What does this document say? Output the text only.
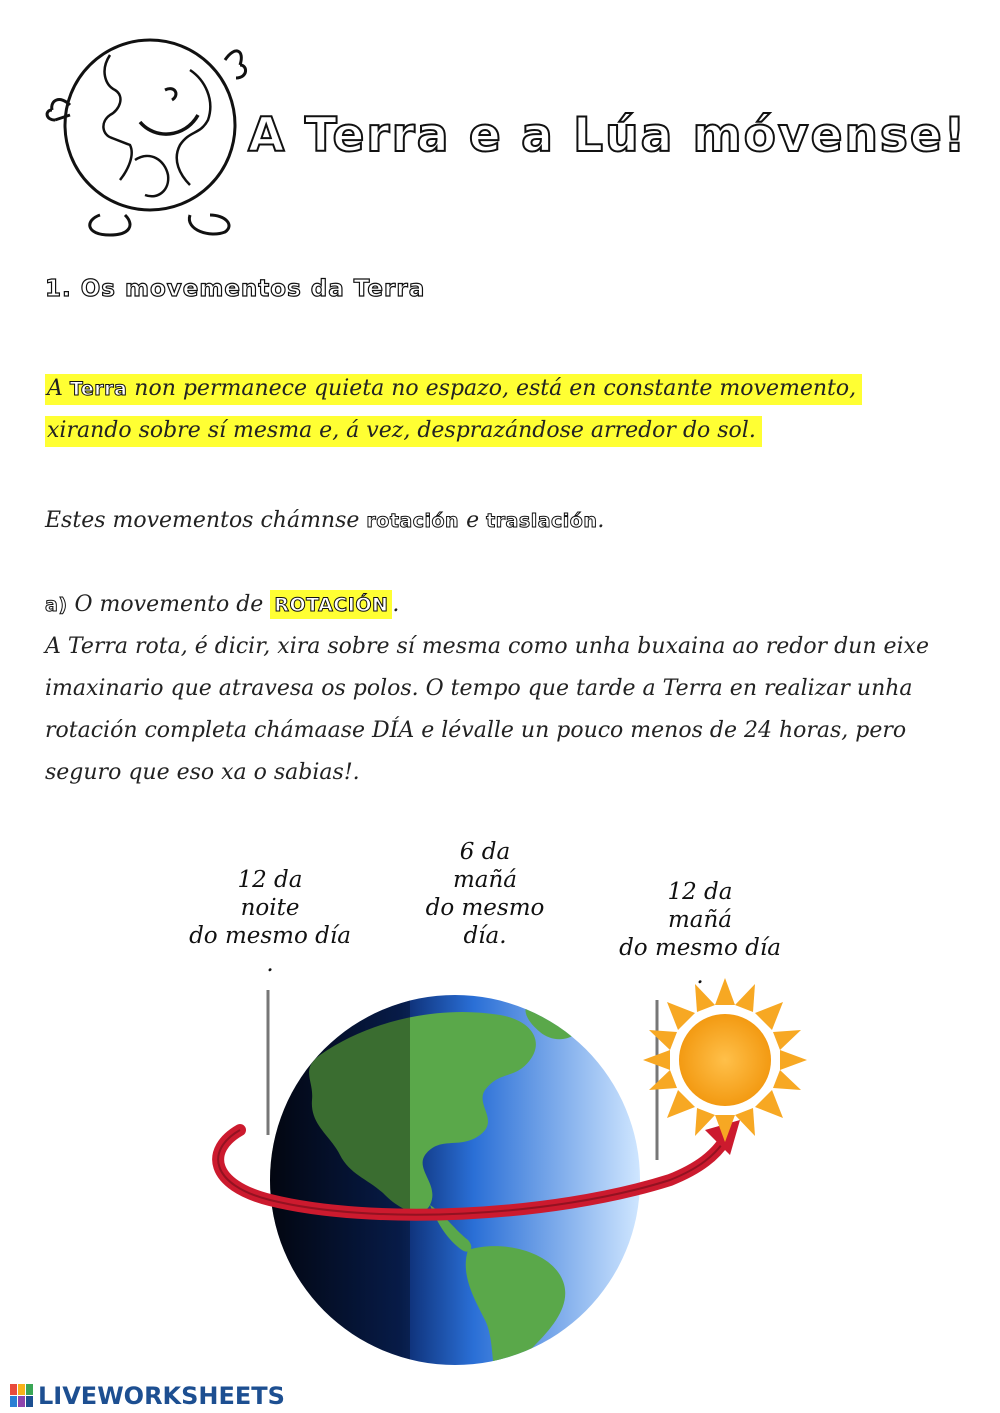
A Terra e a Lúa móvense!
1. Os movementos da Terra
A Terra non permanece quieta no espazo, está en constante movemento, xirando sobre sí mesma e, á vez, desprazándose arredor do sol.
Estes movementos chámnse rotación e traslación.
a) O movemento de ROTACIÓN .
A Terra rota, é dicir, xira sobre sí mesma como unha buxaina ao redor dun eixe imaxinario que atravesa os polos. O tempo que tarde a Terra en realizar unha rotación completa chámaase DÍA e lévalle un pouco menos de 24 horas, pero seguro que eso xa o sabias!.
12 da
noite
do mesmo día
.
6 da
mañá
do mesmo
día.
12 da
mañá
do mesmo día
.
LIVEWORKSHEETS
